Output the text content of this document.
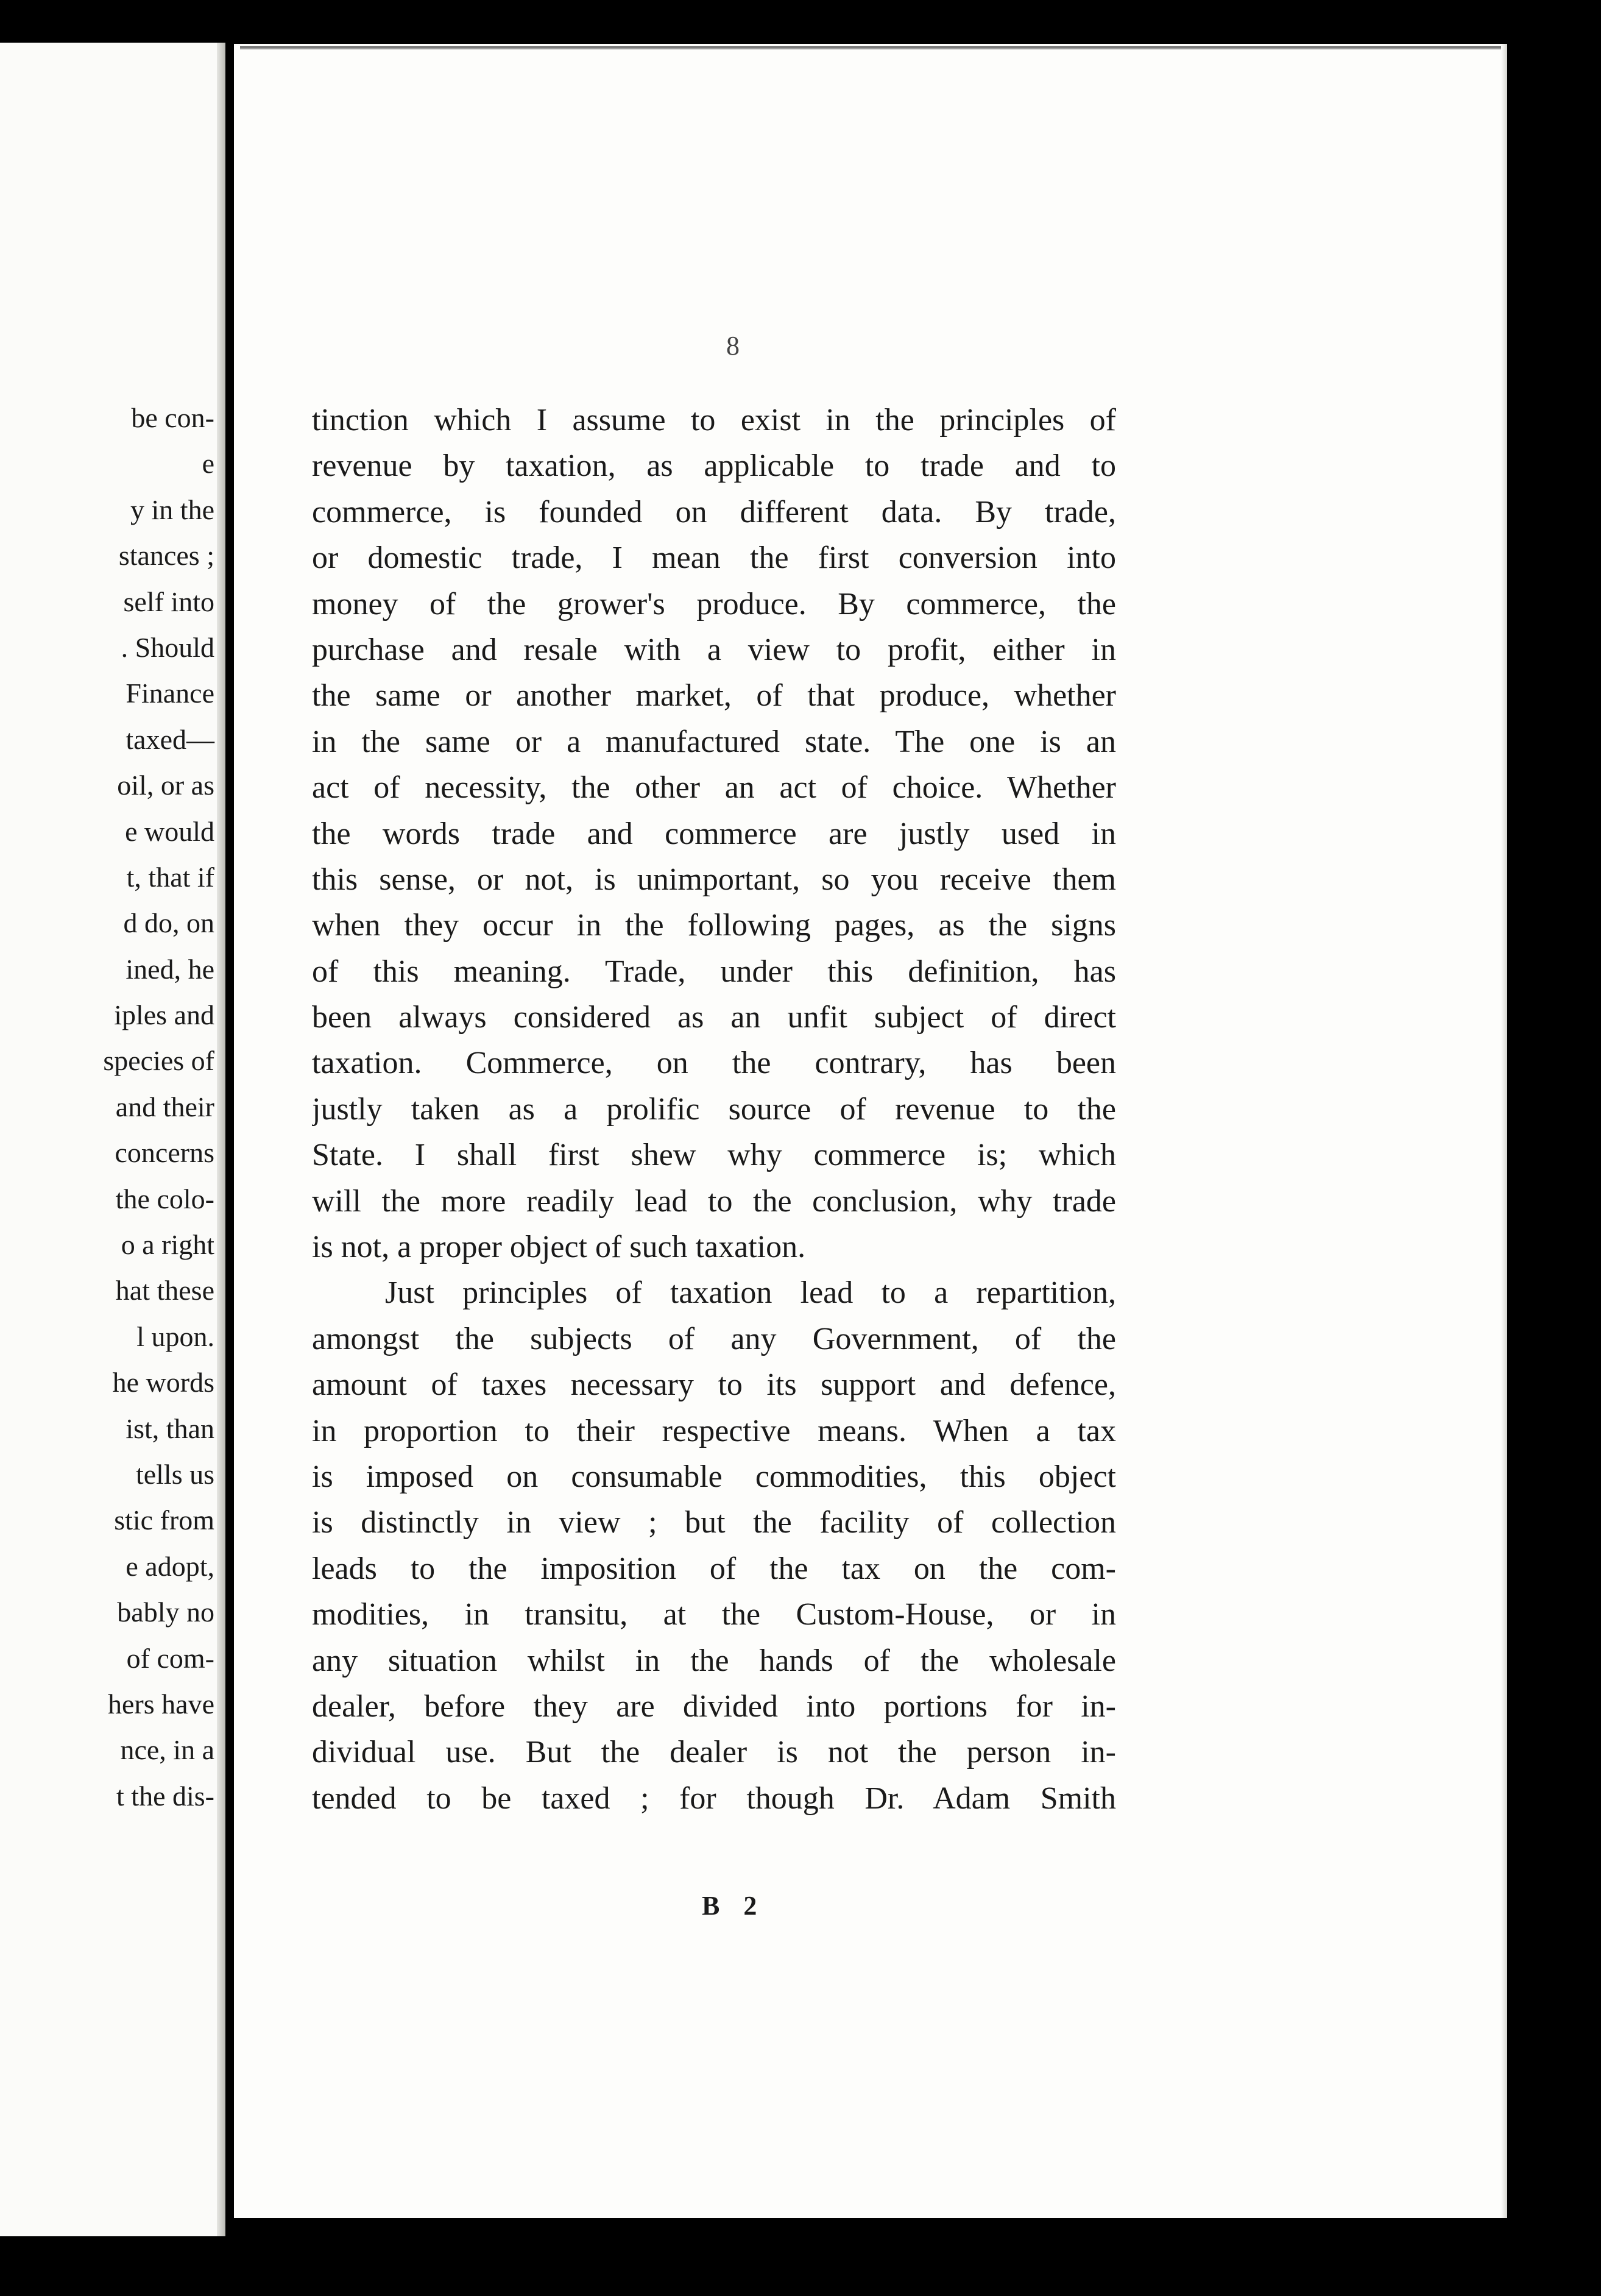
be con-
e
y in the
stances ;
self into
. Should
Finance
taxed—
oil, or as
e would
t, that if
d do, on
ined, he
iples and
species of
and their
concerns
the colo-
o a right
hat these
l upon.
he words
ist, than
tells us
stic from
e adopt,
bably no
of com-
hers have
nce, in a
t the dis-
8
tinction which I assume to exist in the principles of
revenue by taxation, as applicable to trade and to
commerce, is founded on different data. By trade,
or domestic trade, I mean the first conversion into
money of the grower's produce. By commerce, the
purchase and resale with a view to profit, either in
the same or another market, of that produce, whether
in the same or a manufactured state. The one is an
act of necessity, the other an act of choice. Whether
the words trade and commerce are justly used in
this sense, or not, is unimportant, so you receive them
when they occur in the following pages, as the signs
of this meaning. Trade, under this definition, has
been always considered as an unfit subject of direct
taxation. Commerce, on the contrary, has been
justly taken as a prolific source of revenue to the
State. I shall first shew why commerce is; which
will the more readily lead to the conclusion, why trade
is not, a proper object of such taxation.
Just principles of taxation lead to a repartition,
amongst the subjects of any Government, of the
amount of taxes necessary to its support and defence,
in proportion to their respective means. When a tax
is imposed on consumable commodities, this object
is distinctly in view ; but the facility of collection
leads to the imposition of the tax on the com-
modities, in transitu, at the Custom-House, or in
any situation whilst in the hands of the wholesale
dealer, before they are divided into portions for in-
dividual use. But the dealer is not the person in-
tended to be taxed ; for though Dr. Adam Smith
B 2
